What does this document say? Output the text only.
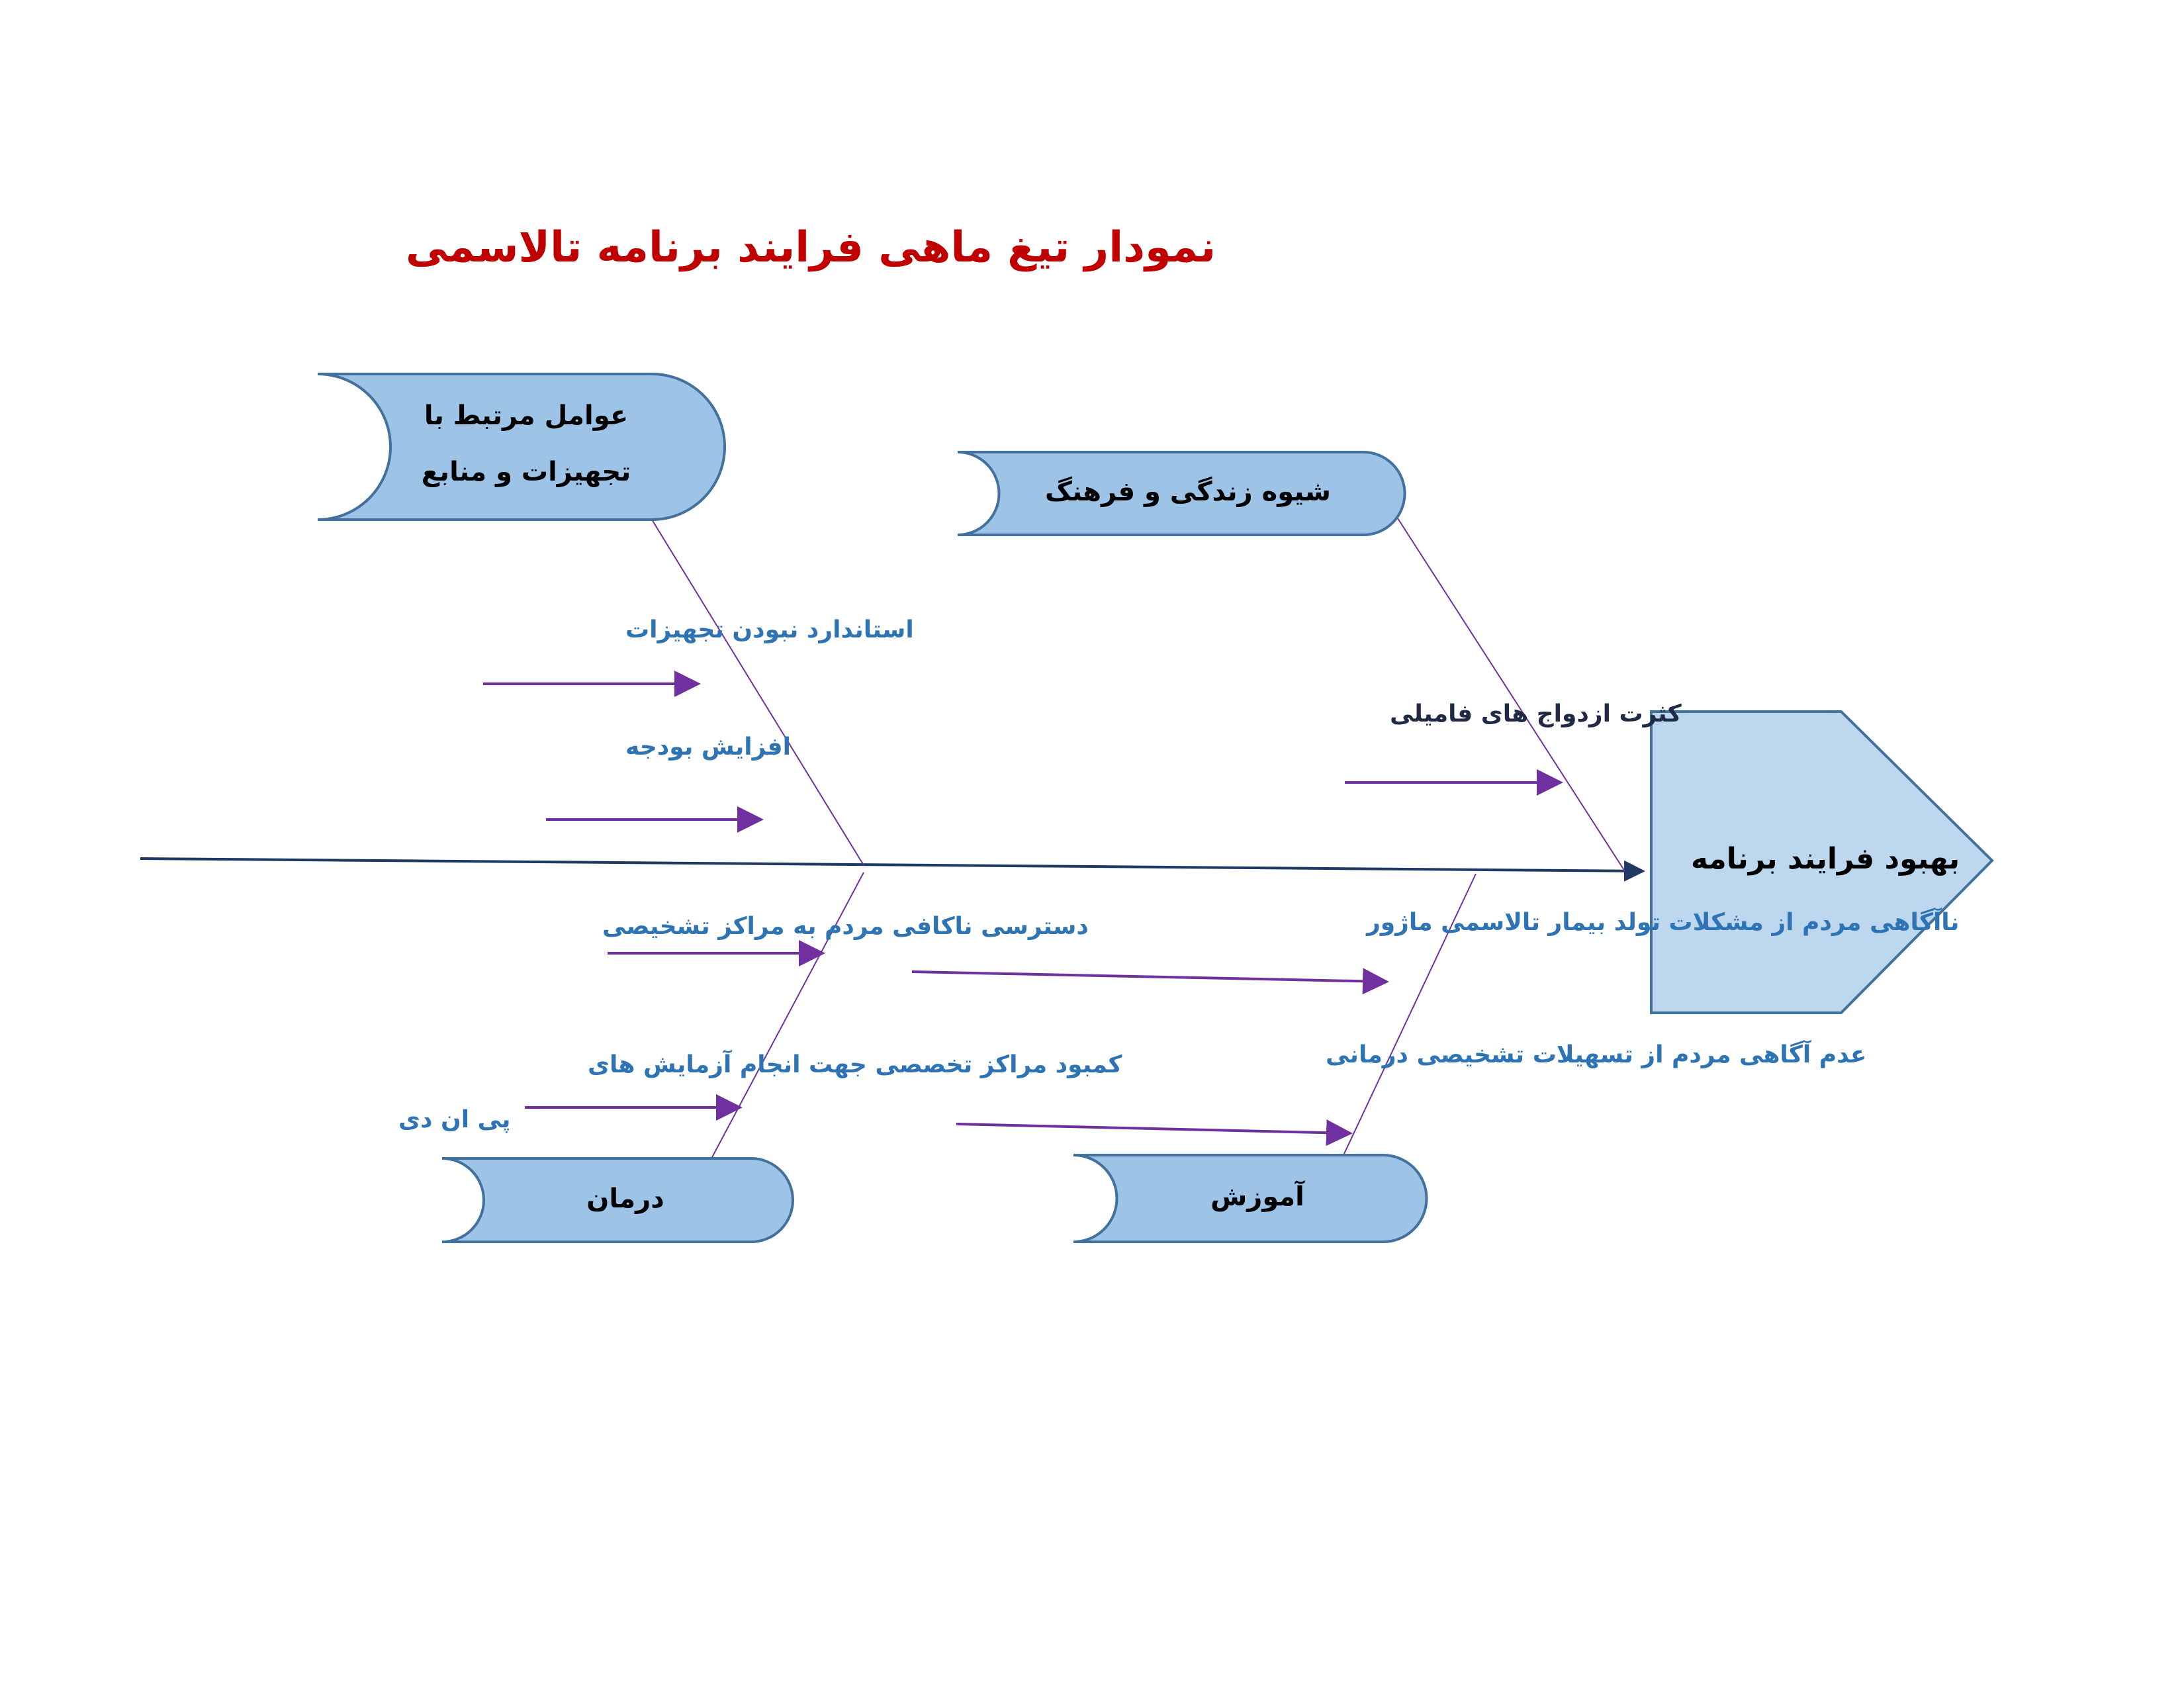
نمودار تیغ ماهی فرایند برنامه تالاسمی
بهبود فرایند برنامه
عوامل مرتبط با
تجهیزات و منابع
شیوه زندگی و فرهنگ
درمان	آموزش
استاندارد نبودن تجهیزات
افزایش بودجه
کثرت ازدواج های فامیلی
دسترسی ناکافی مردم به مراکز تشخیصی
کمبود مراکز تخصصی جهت انجام آزمایش های
پی ان دی
ناآگاهی مردم از مشکلات تولد بیمار تالاسمی ماژور
عدم آگاهی مردم از تسهیلات تشخیصی درمانی
